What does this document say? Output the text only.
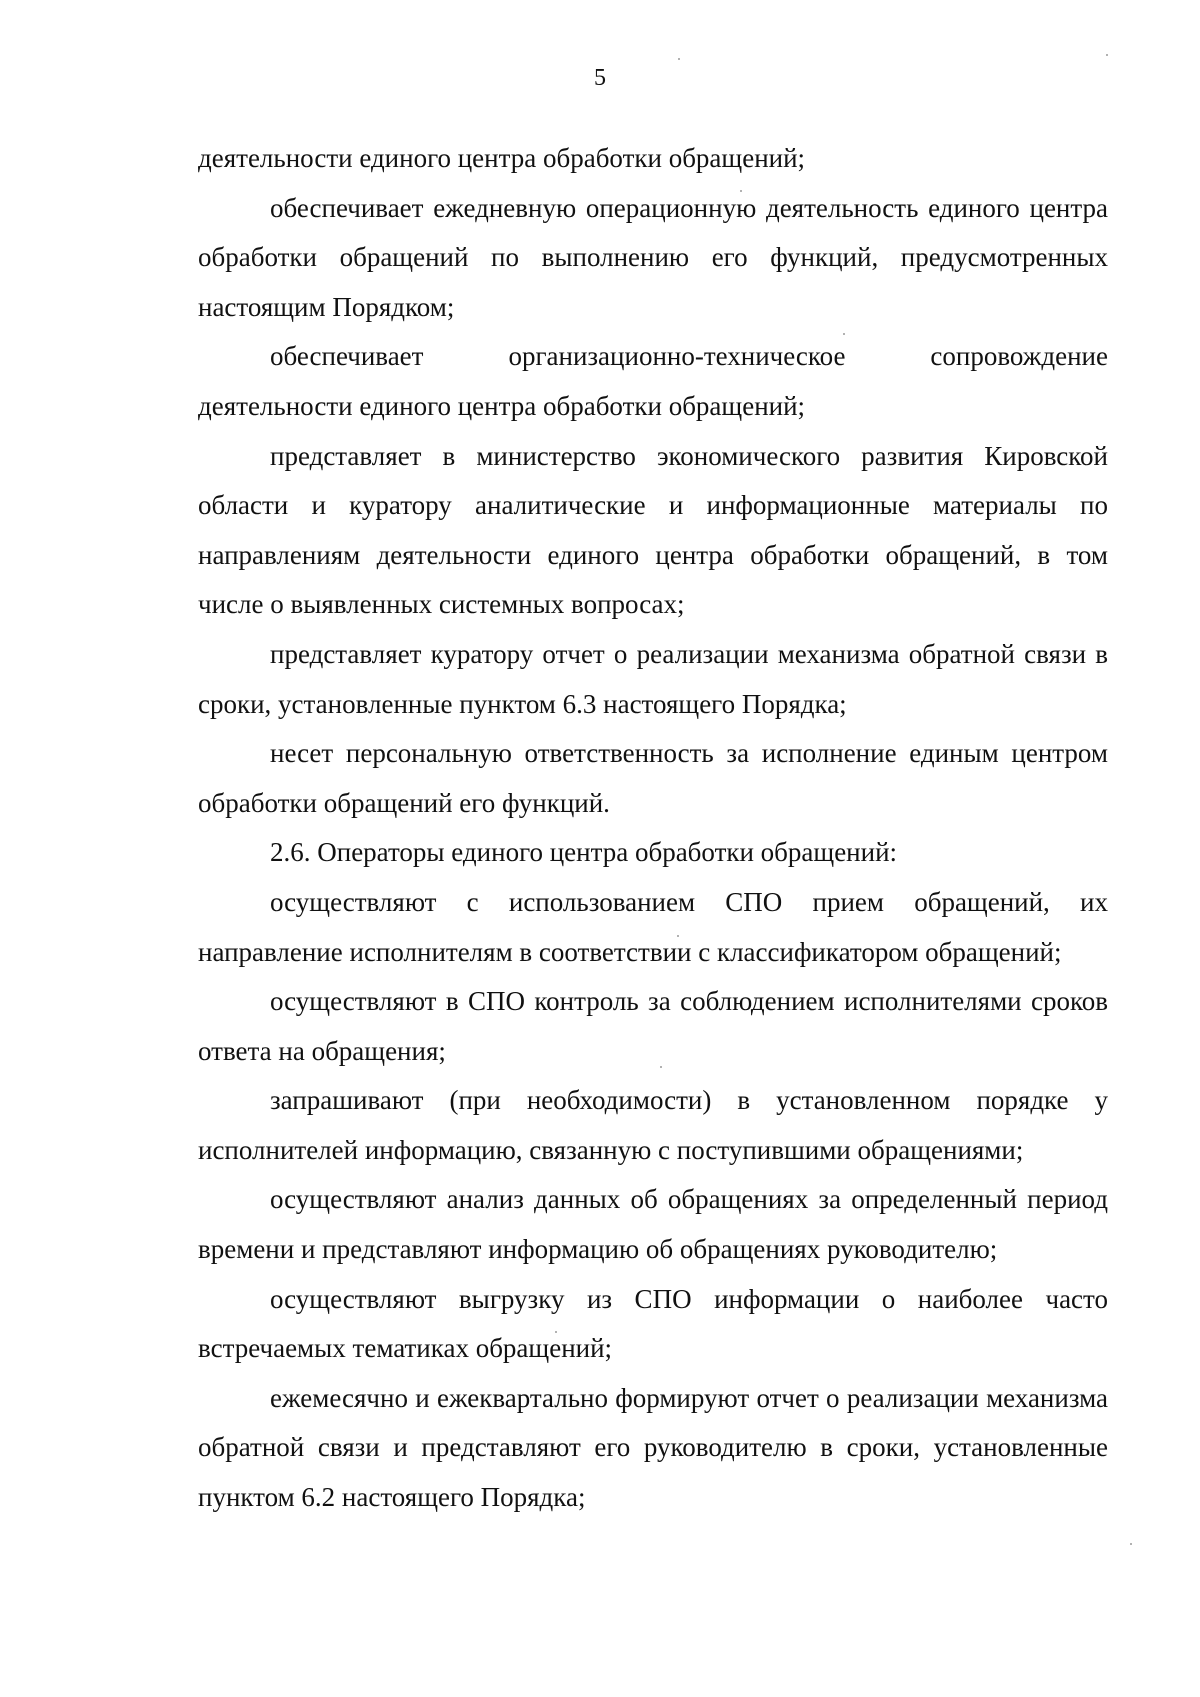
5

деятельности единого центра обработки обращений;

обеспечивает ежедневную операционную деятельность единого центра обработки обращений по выполнению его функций, предусмотренных настоящим Порядком;

обеспечивает организационно-техническое сопровождение деятельности единого центра обработки обращений;

представляет в министерство экономического развития Кировской области и куратору аналитические и информационные материалы по направлениям деятельности единого центра обработки обращений, в том числе о выявленных системных вопросах;

представляет куратору отчет о реализации механизма обратной связи в сроки, установленные пунктом 6.3 настоящего Порядка;

несет персональную ответственность за исполнение единым центром обработки обращений его функций.

2.6. Операторы единого центра обработки обращений:

осуществляют с использованием СПО прием обращений, их направление исполнителям в соответствии с классификатором обращений;

осуществляют в СПО контроль за соблюдением исполнителями сроков ответа на обращения;

запрашивают (при необходимости) в установленном порядке у исполнителей информацию, связанную с поступившими обращениями;

осуществляют анализ данных об обращениях за определенный период времени и представляют информацию об обращениях руководителю;

осуществляют выгрузку из СПО информации о наиболее часто встречаемых тематиках обращений;

ежемесячно и ежеквартально формируют отчет о реализации механизма обратной связи и представляют его руководителю в сроки, установленные пунктом 6.2 настоящего Порядка;
